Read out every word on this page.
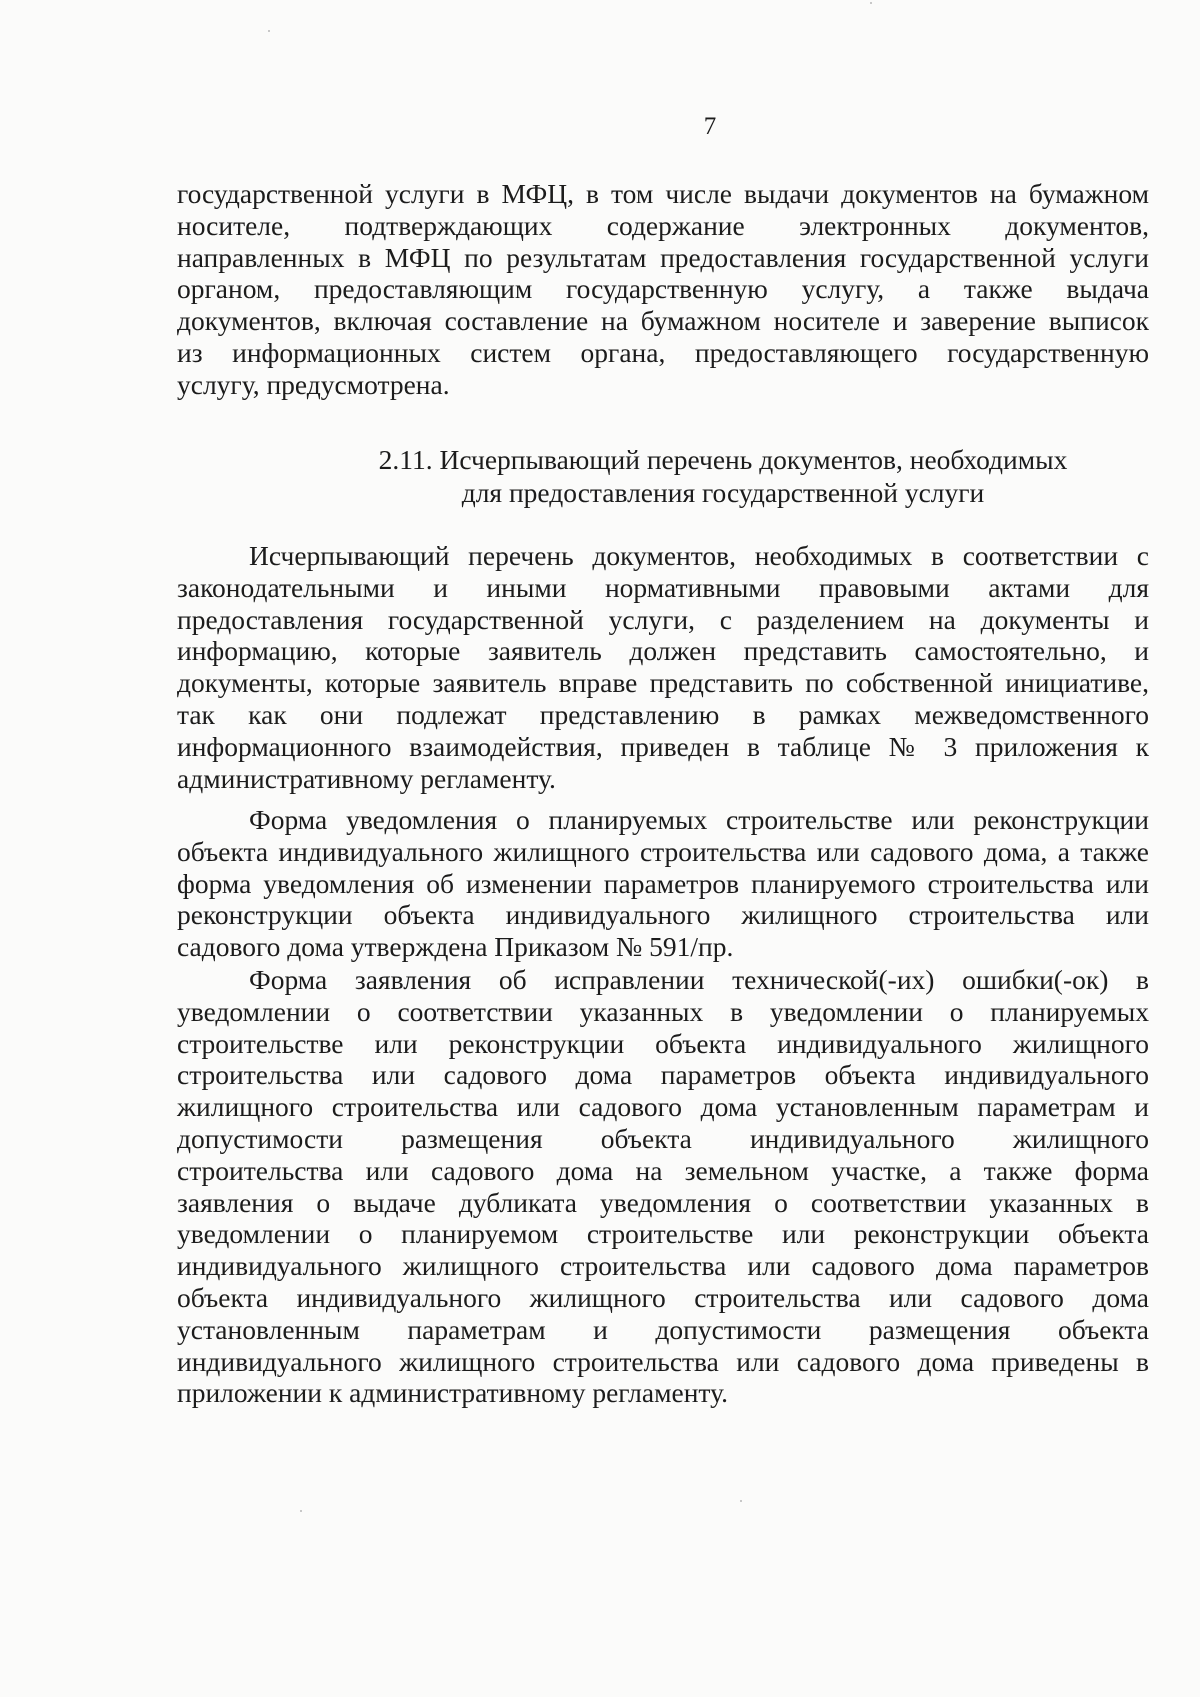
7
государственной услуги в МФЦ, в том числе выдачи документов на бумажном
носителе, подтверждающих содержание электронных документов,
направленных в МФЦ по результатам предоставления государственной услуги
органом, предоставляющим государственную услугу, а также выдача
документов, включая составление на бумажном носителе и заверение выписок
из информационных систем органа, предоставляющего государственную
услугу, предусмотрена.
2.11. Исчерпывающий перечень документов, необходимых
для предоставления государственной услуги
Исчерпывающий перечень документов, необходимых в соответствии с
законодательными и иными нормативными правовыми актами для
предоставления государственной услуги, с разделением на документы и
информацию, которые заявитель должен представить самостоятельно, и
документы, которые заявитель вправе представить по собственной инициативе,
так как они подлежат представлению в рамках межведомственного
информационного взаимодействия, приведен в таблице № 3 приложения к
административному регламенту.
Форма уведомления о планируемых строительстве или реконструкции
объекта индивидуального жилищного строительства или садового дома, а также
форма уведомления об изменении параметров планируемого строительства или
реконструкции объекта индивидуального жилищного строительства или
садового дома утверждена Приказом № 591/пр.
Форма заявления об исправлении технической(-их) ошибки(-ок) в
уведомлении о соответствии указанных в уведомлении о планируемых
строительстве или реконструкции объекта индивидуального жилищного
строительства или садового дома параметров объекта индивидуального
жилищного строительства или садового дома установленным параметрам и
допустимости размещения объекта индивидуального жилищного
строительства или садового дома на земельном участке, а также форма
заявления о выдаче дубликата уведомления о соответствии указанных в
уведомлении о планируемом строительстве или реконструкции объекта
индивидуального жилищного строительства или садового дома параметров
объекта индивидуального жилищного строительства или садового дома
установленным параметрам и допустимости размещения объекта
индивидуального жилищного строительства или садового дома приведены в
приложении к административному регламенту.
